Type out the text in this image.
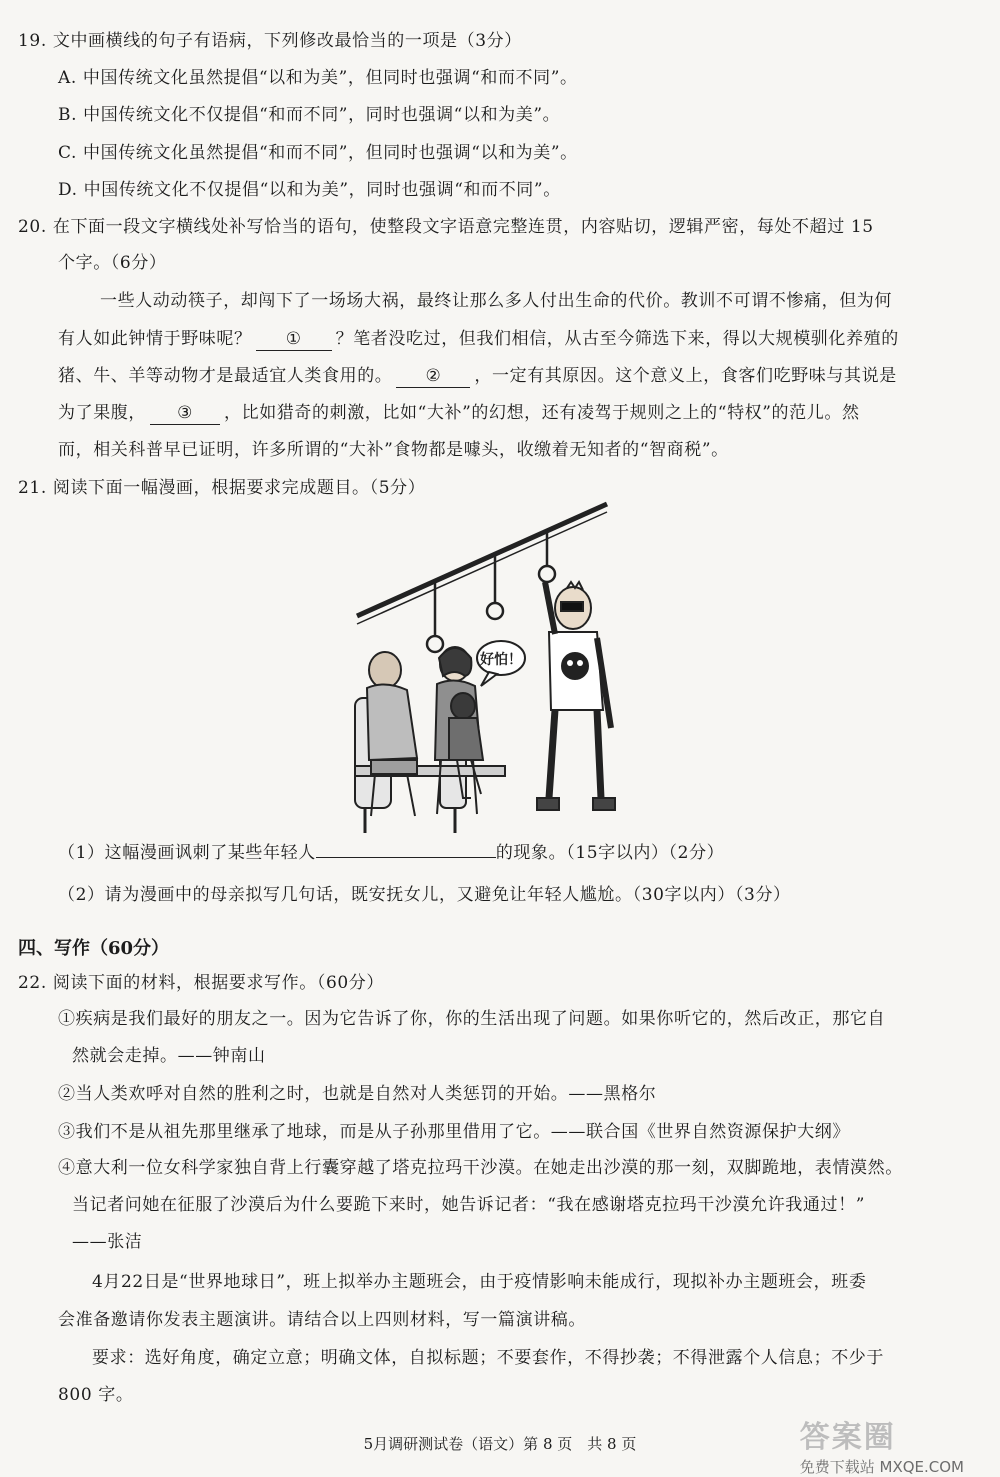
19. 文中画横线的句子有语病，下列修改最恰当的一项是（3分）
A. 中国传统文化虽然提倡“以和为美”，但同时也强调“和而不同”。
B. 中国传统文化不仅提倡“和而不同”，同时也强调“以和为美”。
C. 中国传统文化虽然提倡“和而不同”，但同时也强调“以和为美”。
D. 中国传统文化不仅提倡“以和为美”，同时也强调“和而不同”。
20. 在下面一段文字横线处补写恰当的语句，使整段文字语意完整连贯，内容贴切，逻辑严密，每处不超过 15
个字。（6分）
一些人动动筷子，却闯下了一场场大祸，最终让那么多人付出生命的代价。教训不可谓不惨痛，但为何
有人如此钟情于野味呢？ ① ？笔者没吃过，但我们相信，从古至今筛选下来，得以大规模驯化养殖的
猪、牛、羊等动物才是最适宜人类食用的。 ② ，一定有其原因。这个意义上，食客们吃野味与其说是
为了果腹， ③ ，比如猎奇的刺激，比如“大补”的幻想，还有凌驾于规则之上的“特权”的范儿。然
而，相关科普早已证明，许多所谓的“大补”食物都是噱头，收缴着无知者的“智商税”。
21. 阅读下面一幅漫画，根据要求完成题目。（5分）
好怕！
（1）这幅漫画讽刺了某些年轻人	的现象。（15字以内）（2分）
（2）请为漫画中的母亲拟写几句话，既安抚女儿，又避免让年轻人尴尬。（30字以内）（3分）
四、写作（60分）
22. 阅读下面的材料，根据要求写作。（60分）
①疾病是我们最好的朋友之一。因为它告诉了你，你的生活出现了问题。如果你听它的，然后改正，那它自
然就会走掉。——钟南山
②当人类欢呼对自然的胜利之时，也就是自然对人类惩罚的开始。——黑格尔
③我们不是从祖先那里继承了地球，而是从子孙那里借用了它。——联合国《世界自然资源保护大纲》
④意大利一位女科学家独自背上行囊穿越了塔克拉玛干沙漠。在她走出沙漠的那一刻，双脚跪地，表情漠然。
当记者问她在征服了沙漠后为什么要跪下来时，她告诉记者：“我在感谢塔克拉玛干沙漠允许我通过！”
——张洁
4月22日是“世界地球日”，班上拟举办主题班会，由于疫情影响未能成行，现拟补办主题班会，班委
会准备邀请你发表主题演讲。请结合以上四则材料，写一篇演讲稿。
要求：选好角度，确定立意；明确文体，自拟标题；不要套作，不得抄袭；不得泄露个人信息；不少于
800 字。
5月调研测试卷（语文）第 8 页　共 8 页	答案圈
免费下载站 MXQE.COM
